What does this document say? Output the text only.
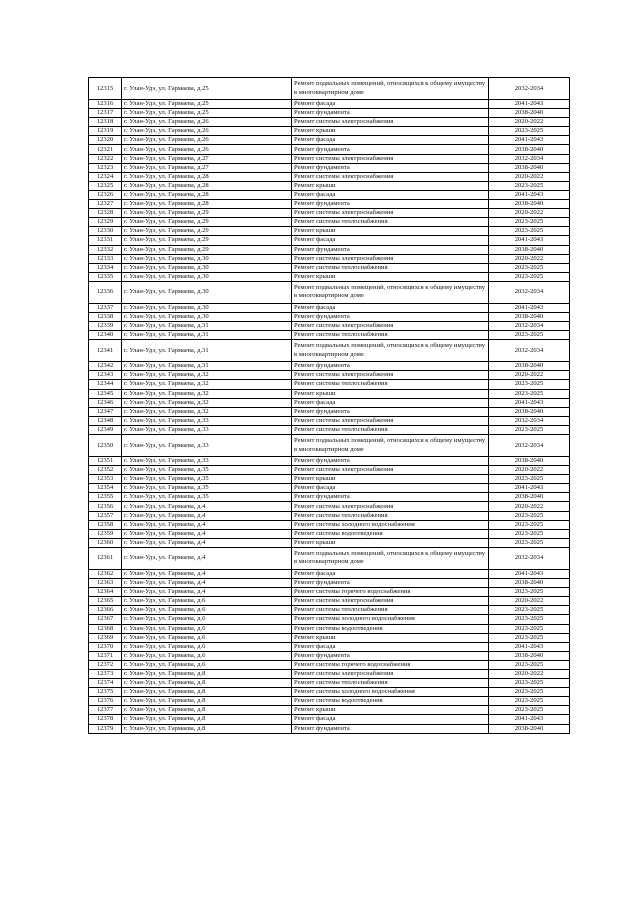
12315	г. Улан-Удэ, ул. Гармаева, д.25	Ремонт подвальных помещений, относящихся к общему имуществу в многоквартирном доме	2032-2034
12316	г. Улан-Удэ, ул. Гармаева, д.25	Ремонт фасада	2041-2043
12317	г. Улан-Удэ, ул. Гармаева, д.25	Ремонт фундамента	2038-2040
12318	г. Улан-Удэ, ул. Гармаева, д.26	Ремонт системы электроснабжения	2020-2022
12319	г. Улан-Удэ, ул. Гармаева, д.26	Ремонт крыши	2023-2025
12320	г. Улан-Удэ, ул. Гармаева, д.26	Ремонт фасада	2041-2043
12321	г. Улан-Удэ, ул. Гармаева, д.26	Ремонт фундамента	2038-2040
12322	г. Улан-Удэ, ул. Гармаева, д.27	Ремонт системы электроснабжения	2032-2034
12323	г. Улан-Удэ, ул. Гармаева, д.27	Ремонт фундамента	2038-2040
12324	г. Улан-Удэ, ул. Гармаева, д.28	Ремонт системы электроснабжения	2020-2022
12325	г. Улан-Удэ, ул. Гармаева, д.28	Ремонт крыши	2023-2025
12326	г. Улан-Удэ, ул. Гармаева, д.28	Ремонт фасада	2041-2043
12327	г. Улан-Удэ, ул. Гармаева, д.28	Ремонт фундамента	2038-2040
12328	г. Улан-Удэ, ул. Гармаева, д.29	Ремонт системы электроснабжения	2020-2022
12329	г. Улан-Удэ, ул. Гармаева, д.29	Ремонт системы теплоснабжения	2023-2025
12330	г. Улан-Удэ, ул. Гармаева, д.29	Ремонт крыши	2023-2025
12331	г. Улан-Удэ, ул. Гармаева, д.29	Ремонт фасада	2041-2043
12332	г. Улан-Удэ, ул. Гармаева, д.29	Ремонт фундамента	2038-2040
12333	г. Улан-Удэ, ул. Гармаева, д.30	Ремонт системы электроснабжения	2020-2022
12334	г. Улан-Удэ, ул. Гармаева, д.30	Ремонт системы теплоснабжения	2023-2025
12335	г. Улан-Удэ, ул. Гармаева, д.30	Ремонт крыши	2023-2025
12336	г. Улан-Удэ, ул. Гармаева, д.30	Ремонт подвальных помещений, относящихся к общему имуществу в многоквартирном доме	2032-2034
12337	г. Улан-Удэ, ул. Гармаева, д.30	Ремонт фасада	2041-2043
12338	г. Улан-Удэ, ул. Гармаева, д.30	Ремонт фундамента	2038-2040
12339	г. Улан-Удэ, ул. Гармаева, д.31	Ремонт системы электроснабжения	2032-2034
12340	г. Улан-Удэ, ул. Гармаева, д.31	Ремонт системы теплоснабжения	2023-2025
12341	г. Улан-Удэ, ул. Гармаева, д.31	Ремонт подвальных помещений, относящихся к общему имуществу в многоквартирном доме	2032-2034
12342	г. Улан-Удэ, ул. Гармаева, д.31	Ремонт фундамента	2038-2040
12343	г. Улан-Удэ, ул. Гармаева, д.32	Ремонт системы электроснабжения	2020-2022
12344	г. Улан-Удэ, ул. Гармаева, д.32	Ремонт системы теплоснабжения	2023-2025
12345	г. Улан-Удэ, ул. Гармаева, д.32	Ремонт крыши	2023-2025
12346	г. Улан-Удэ, ул. Гармаева, д.32	Ремонт фасада	2041-2043
12347	г. Улан-Удэ, ул. Гармаева, д.32	Ремонт фундамента	2038-2040
12348	г. Улан-Удэ, ул. Гармаева, д.33	Ремонт системы электроснабжения	2032-2034
12349	г. Улан-Удэ, ул. Гармаева, д.33	Ремонт системы теплоснабжения	2023-2025
12350	г. Улан-Удэ, ул. Гармаева, д.33	Ремонт подвальных помещений, относящихся к общему имуществу в многоквартирном доме	2032-2034
12351	г. Улан-Удэ, ул. Гармаева, д.33	Ремонт фундамента	2038-2040
12352	г. Улан-Удэ, ул. Гармаева, д.35	Ремонт системы электроснабжения	2020-2022
12353	г. Улан-Удэ, ул. Гармаева, д.35	Ремонт крыши	2023-2025
12354	г. Улан-Удэ, ул. Гармаева, д.35	Ремонт фасада	2041-2043
12355	г. Улан-Удэ, ул. Гармаева, д.35	Ремонт фундамента	2038-2040
12356	г. Улан-Удэ, ул. Гармаева, д.4	Ремонт системы электроснабжения	2020-2022
12357	г. Улан-Удэ, ул. Гармаева, д.4	Ремонт системы теплоснабжения	2023-2025
12358	г. Улан-Удэ, ул. Гармаева, д.4	Ремонт системы холодного водоснабжения	2023-2025
12359	г. Улан-Удэ, ул. Гармаева, д.4	Ремонт системы водоотведения	2023-2025
12360	г. Улан-Удэ, ул. Гармаева, д.4	Ремонт крыши	2023-2025
12361	г. Улан-Удэ, ул. Гармаева, д.4	Ремонт подвальных помещений, относящихся к общему имуществу в многоквартирном доме	2032-2034
12362	г. Улан-Удэ, ул. Гармаева, д.4	Ремонт фасада	2041-2043
12363	г. Улан-Удэ, ул. Гармаева, д.4	Ремонт фундамента	2038-2040
12364	г. Улан-Удэ, ул. Гармаева, д.4	Ремонт системы горячего водоснабжения	2023-2025
12365	г. Улан-Удэ, ул. Гармаева, д.6	Ремонт системы электроснабжения	2020-2022
12366	г. Улан-Удэ, ул. Гармаева, д.6	Ремонт системы теплоснабжения	2023-2025
12367	г. Улан-Удэ, ул. Гармаева, д.6	Ремонт системы холодного водоснабжения	2023-2025
12368	г. Улан-Удэ, ул. Гармаева, д.6	Ремонт системы водоотведения	2023-2025
12369	г. Улан-Удэ, ул. Гармаева, д.6	Ремонт крыши	2023-2025
12370	г. Улан-Удэ, ул. Гармаева, д.6	Ремонт фасада	2041-2043
12371	г. Улан-Удэ, ул. Гармаева, д.6	Ремонт фундамента	2038-2040
12372	г. Улан-Удэ, ул. Гармаева, д.6	Ремонт системы горячего водоснабжения	2023-2025
12373	г. Улан-Удэ, ул. Гармаева, д.8	Ремонт системы электроснабжения	2020-2022
12374	г. Улан-Удэ, ул. Гармаева, д.8	Ремонт системы теплоснабжения	2023-2025
12375	г. Улан-Удэ, ул. Гармаева, д.8	Ремонт системы холодного водоснабжения	2023-2025
12376	г. Улан-Удэ, ул. Гармаева, д.8	Ремонт системы водоотведения	2023-2025
12377	г. Улан-Удэ, ул. Гармаева, д.8	Ремонт крыши	2023-2025
12378	г. Улан-Удэ, ул. Гармаева, д.8	Ремонт фасада	2041-2043
12379	г. Улан-Удэ, ул. Гармаева, д.8	Ремонт фундамента	2038-2040
